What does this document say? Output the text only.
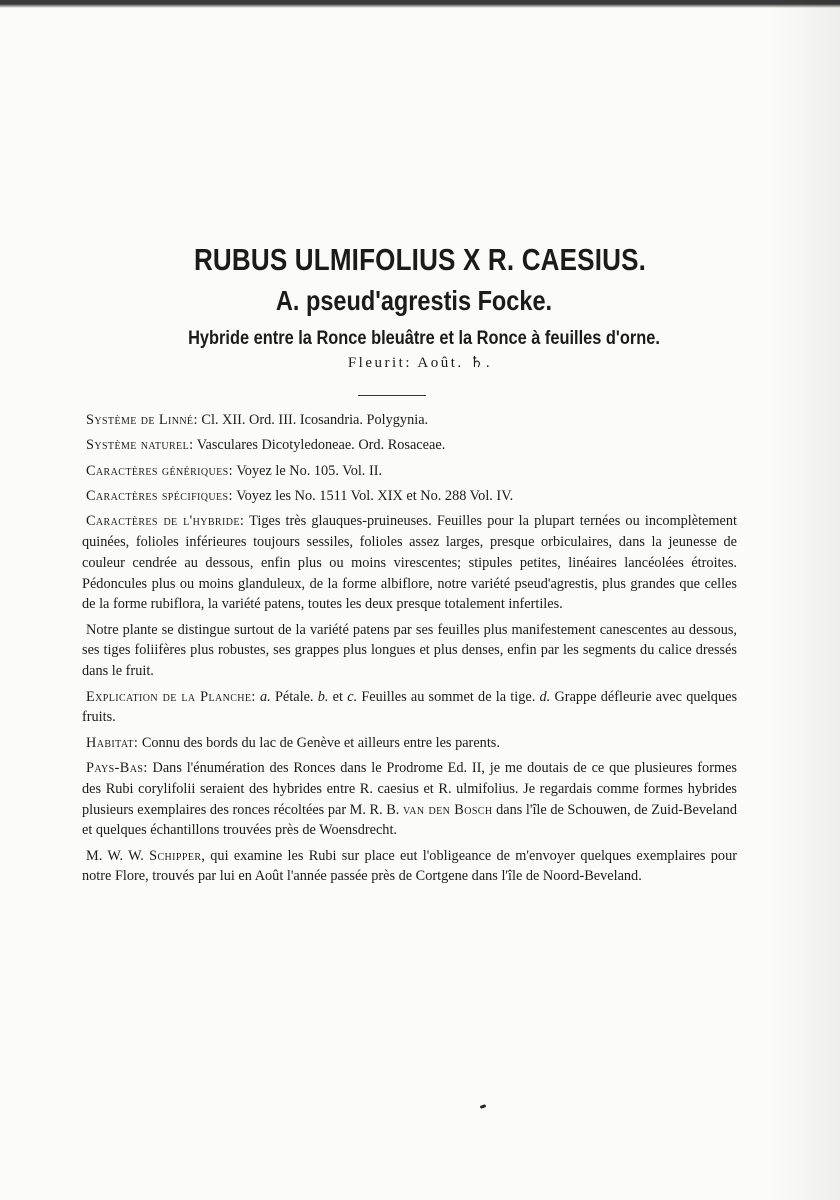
RUBUS ULMIFOLIUS X R. CAESIUS.
A. pseud'agrestis Focke.
Hybride entre la Ronce bleuâtre et la Ronce à feuilles d'orne.
Fleurit: Août. ♄.

Système de Linné: Cl. XII. Ord. III. Icosandria. Polygynia.

Système naturel: Vasculares Dicotyledoneae. Ord. Rosaceae.

Caractères génériques: Voyez le No. 105. Vol. II.

Caractères spécifiques: Voyez les No. 1511 Vol. XIX et No. 288 Vol. IV.

Caractères de l'hybride: Tiges très glauques-pruineuses. Feuilles pour la plupart ternées ou incomplètement quinées, folioles inférieures toujours sessiles, folioles assez larges, presque orbiculaires, dans la jeunesse de couleur cendrée au dessous, enfin plus ou moins virescentes; stipules petites, linéaires lancéolées étroites. Pédoncules plus ou moins glanduleux, de la forme albiflore, notre variété pseud'agrestis, plus grandes que celles de la forme rubiflora, la variété patens, toutes les deux presque totalement infertiles.

Notre plante se distingue surtout de la variété patens par ses feuilles plus manifestement canescentes au dessous, ses tiges foliifères plus robustes, ses grappes plus longues et plus denses, enfin par les segments du calice dressés dans le fruit.

Explication de la Planche: a. Pétale. b. et c. Feuilles au sommet de la tige. d. Grappe défleurie avec quelques fruits.

Habitat: Connu des bords du lac de Genève et ailleurs entre les parents.

Pays-Bas: Dans l'énumération des Ronces dans le Prodrome Ed. II, je me doutais de ce que plusieures formes des Rubi corylifolii seraient des hybrides entre R. caesius et R. ulmifolius. Je regardais comme formes hybrides plusieurs exemplaires des ronces récoltées par M. R. B. van den Bosch dans l'île de Schouwen, de Zuid-Beveland et quelques échantillons trouvées près de Woensdrecht.

M. W. W. Schipper, qui examine les Rubi sur place eut l'obligeance de m'envoyer quelques exemplaires pour notre Flore, trouvés par lui en Août l'année passée près de Cortgene dans l'île de Noord-Beveland.
